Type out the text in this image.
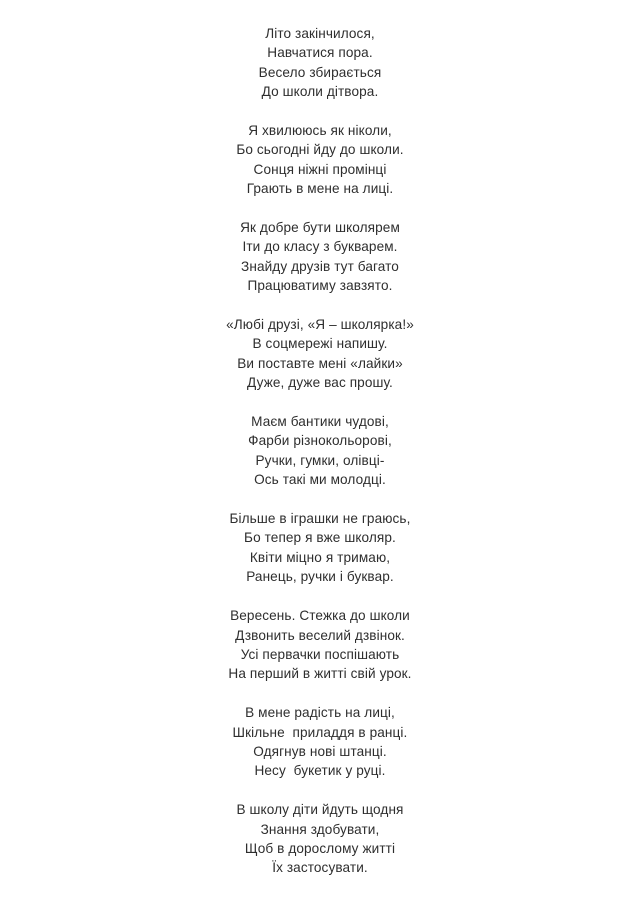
Літо закінчилося,
Навчатися пора.
Весело збирається
До школи дітвора.
Я хвилююсь як ніколи,
Бо сьогодні йду до школи.
Сонця ніжні промінці
Грають в мене на лиці.
Як добре бути школярем
Іти до класу з букварем.
Знайду друзів тут багато
Працюватиму завзято.
«Любі друзі, «Я – школярка!»
В соцмережі напишу.
Ви поставте мені «лайки»
Дуже, дуже вас прошу.
Маєм бантики чудові,
Фарби різнокольорові,
Ручки, гумки, олівці-
Ось такі ми молодці.
Більше в іграшки не граюсь,
Бо тепер я вже школяр.
Квіти міцно я тримаю,
Ранець, ручки і буквар.
Вересень. Стежка до школи
Дзвонить веселий дзвінок.
Усі первачки поспішають
На перший в житті свій урок.
В мене радість на лиці,
Шкільне  приладдя в ранці.
Одягнув нові штанці.
Несу  букетик у руці.
В школу діти йдуть щодня
Знання здобувати,
Щоб в дорослому житті
Їх застосувати.
